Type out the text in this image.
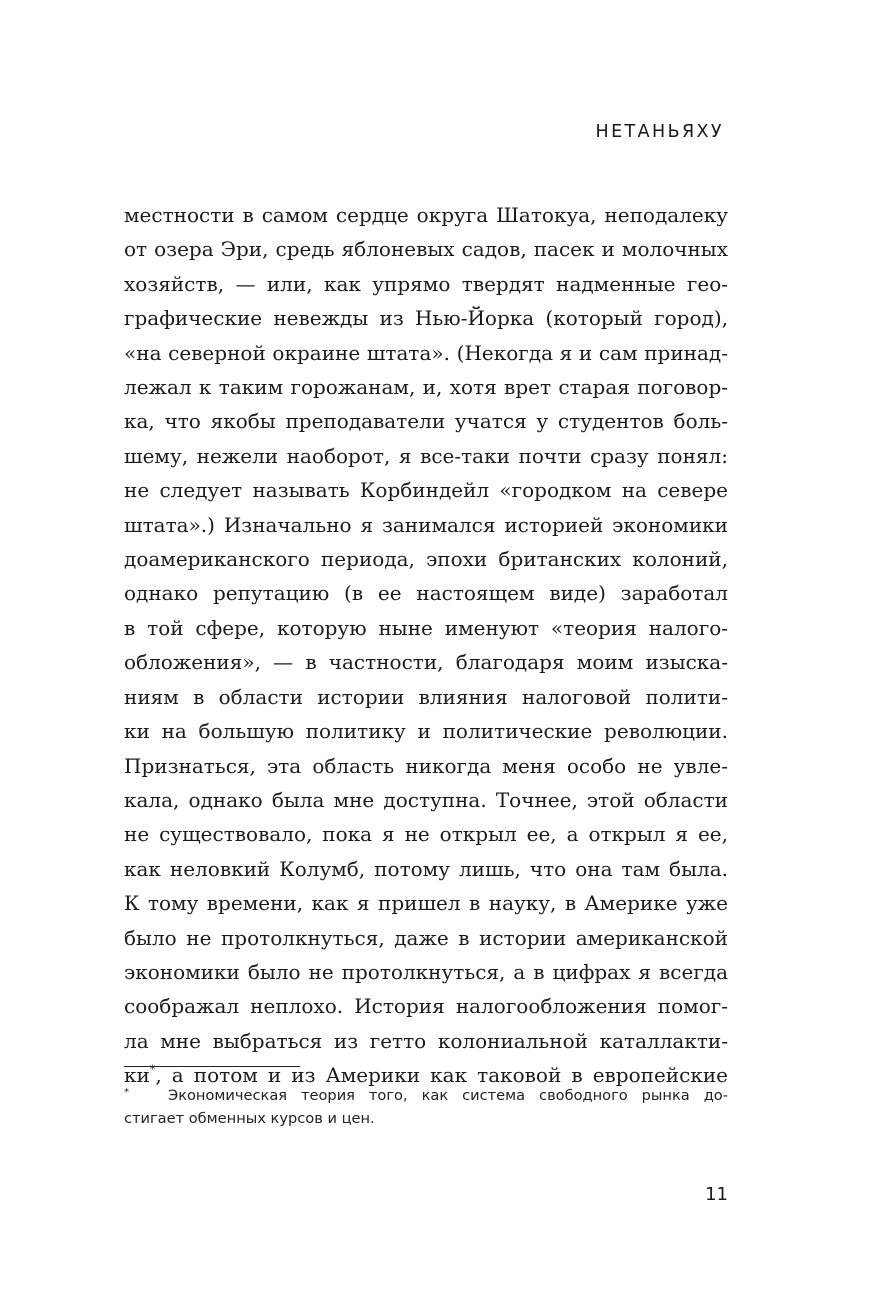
НЕТАНЬЯХУ
местности в самом сердце округа Шатокуа, неподалеку
от озера Эри, средь яблоневых садов, пасек и молочных
хозяйств, — или, как упрямо твердят надменные гео-
графические невежды из Нью-Йорка (который город),
«на северной окраине штата». (Некогда я и сам принад-
лежал к таким горожанам, и, хотя врет старая поговор-
ка, что якобы преподаватели учатся у студентов боль-
шему, нежели наоборот, я все-таки почти сразу понял:
не следует называть Корбиндейл «городком на севере
штата».) Изначально я занимался историей экономики
доамериканского периода, эпохи британских колоний,
однако репутацию (в ее настоящем виде) заработал
в той сфере, которую ныне именуют «теория налого-
обложения», — в частности, благодаря моим изыска-
ниям в области истории влияния налоговой полити-
ки на большую политику и политические революции.
Признаться, эта область никогда меня особо не увле-
кала, однако была мне доступна. Точнее, этой области
не существовало, пока я не открыл ее, а открыл я ее,
как неловкий Колумб, потому лишь, что она там была.
К тому времени, как я пришел в науку, в Америке уже
было не протолкнуться, даже в истории американской
экономики было не протолкнуться, а в цифрах я всегда
соображал неплохо. История налогообложения помог-
ла мне выбраться из гетто колониальной каталлакти-
ки*, а потом и из Америки как таковой в европейские
*	Экономическая теория того, как система свободного рынка до-
стигает обменных курсов и цен.
11
